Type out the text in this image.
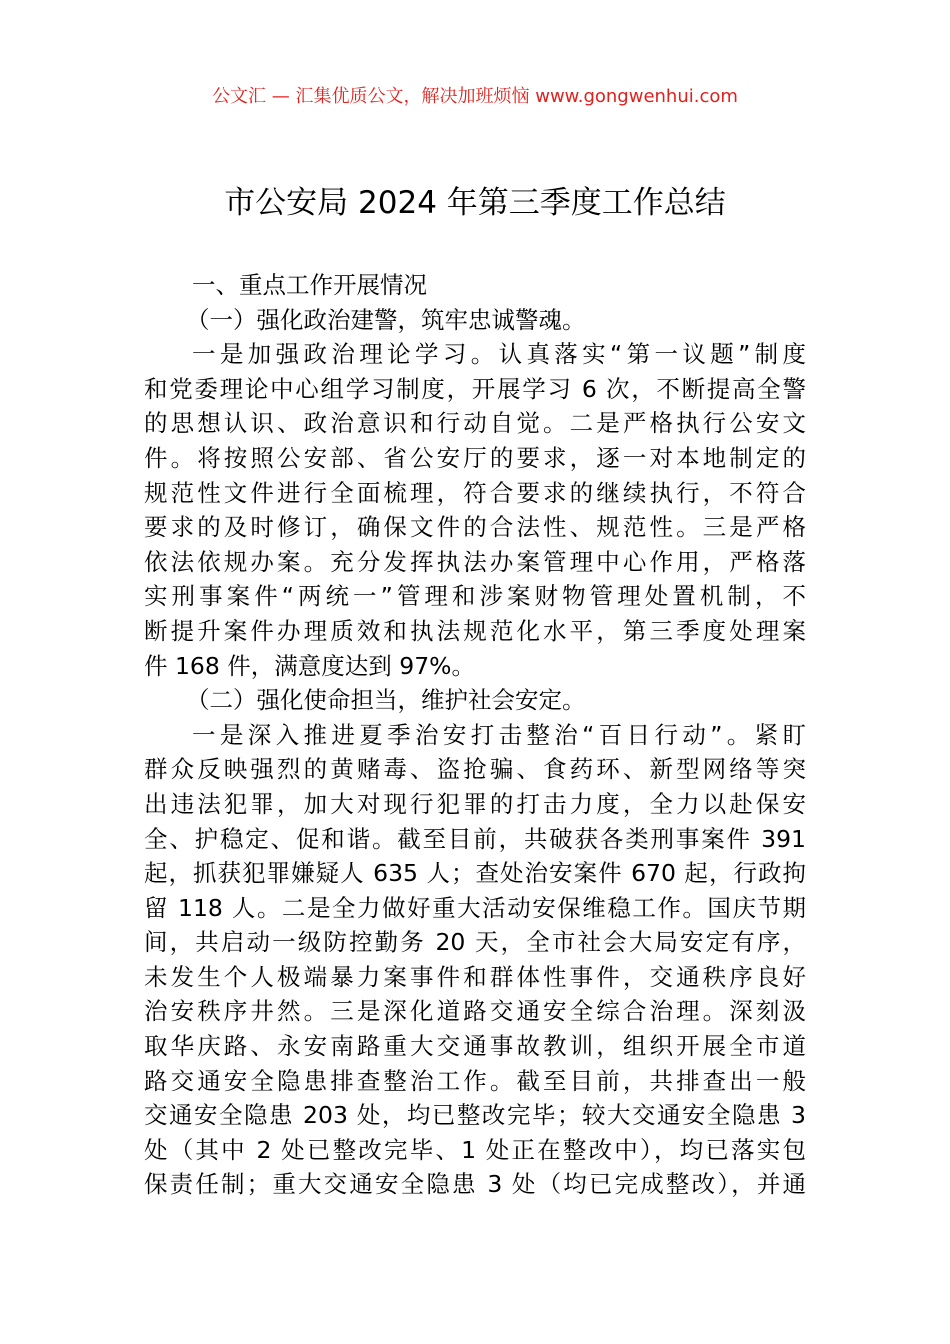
公文汇 — 汇集优质公文，解决加班烦恼 www.gongwenhui.com
市公安局 2024 年第三季度工作总结
一、重点工作开展情况
（一）强化政治建警，筑牢忠诚警魂。
一是加强政治理论学习。认真落实“第一议题”制度
和党委理论中心组学习制度，开展学习 6 次，不断提高全警
的思想认识、政治意识和行动自觉。二是严格执行公安文
件。将按照公安部、省公安厅的要求，逐一对本地制定的
规范性文件进行全面梳理，符合要求的继续执行，不符合
要求的及时修订，确保文件的合法性、规范性。三是严格
依法依规办案。充分发挥执法办案管理中心作用，严格落
实刑事案件“两统一”管理和涉案财物管理处置机制，不
断提升案件办理质效和执法规范化水平，第三季度处理案
件 168 件，满意度达到 97%。
（二）强化使命担当，维护社会安定。
一是深入推进夏季治安打击整治“百日行动”。紧盯
群众反映强烈的黄赌毒、盗抢骗、食药环、新型网络等突
出违法犯罪，加大对现行犯罪的打击力度，全力以赴保安
全、护稳定、促和谐。截至目前，共破获各类刑事案件 391
起，抓获犯罪嫌疑人 635 人；查处治安案件 670 起，行政拘
留 118 人。二是全力做好重大活动安保维稳工作。国庆节期
间，共启动一级防控勤务 20 天，全市社会大局安定有序，
未发生个人极端暴力案事件和群体性事件，交通秩序良好
治安秩序井然。三是深化道路交通安全综合治理。深刻汲
取华庆路、永安南路重大交通事故教训，组织开展全市道
路交通安全隐患排查整治工作。截至目前，共排查出一般
交通安全隐患 203 处，均已整改完毕；较大交通安全隐患 3
处（其中 2 处已整改完毕、1 处正在整改中），均已落实包
保责任制；重大交通安全隐患 3 处（均已完成整改），并通
